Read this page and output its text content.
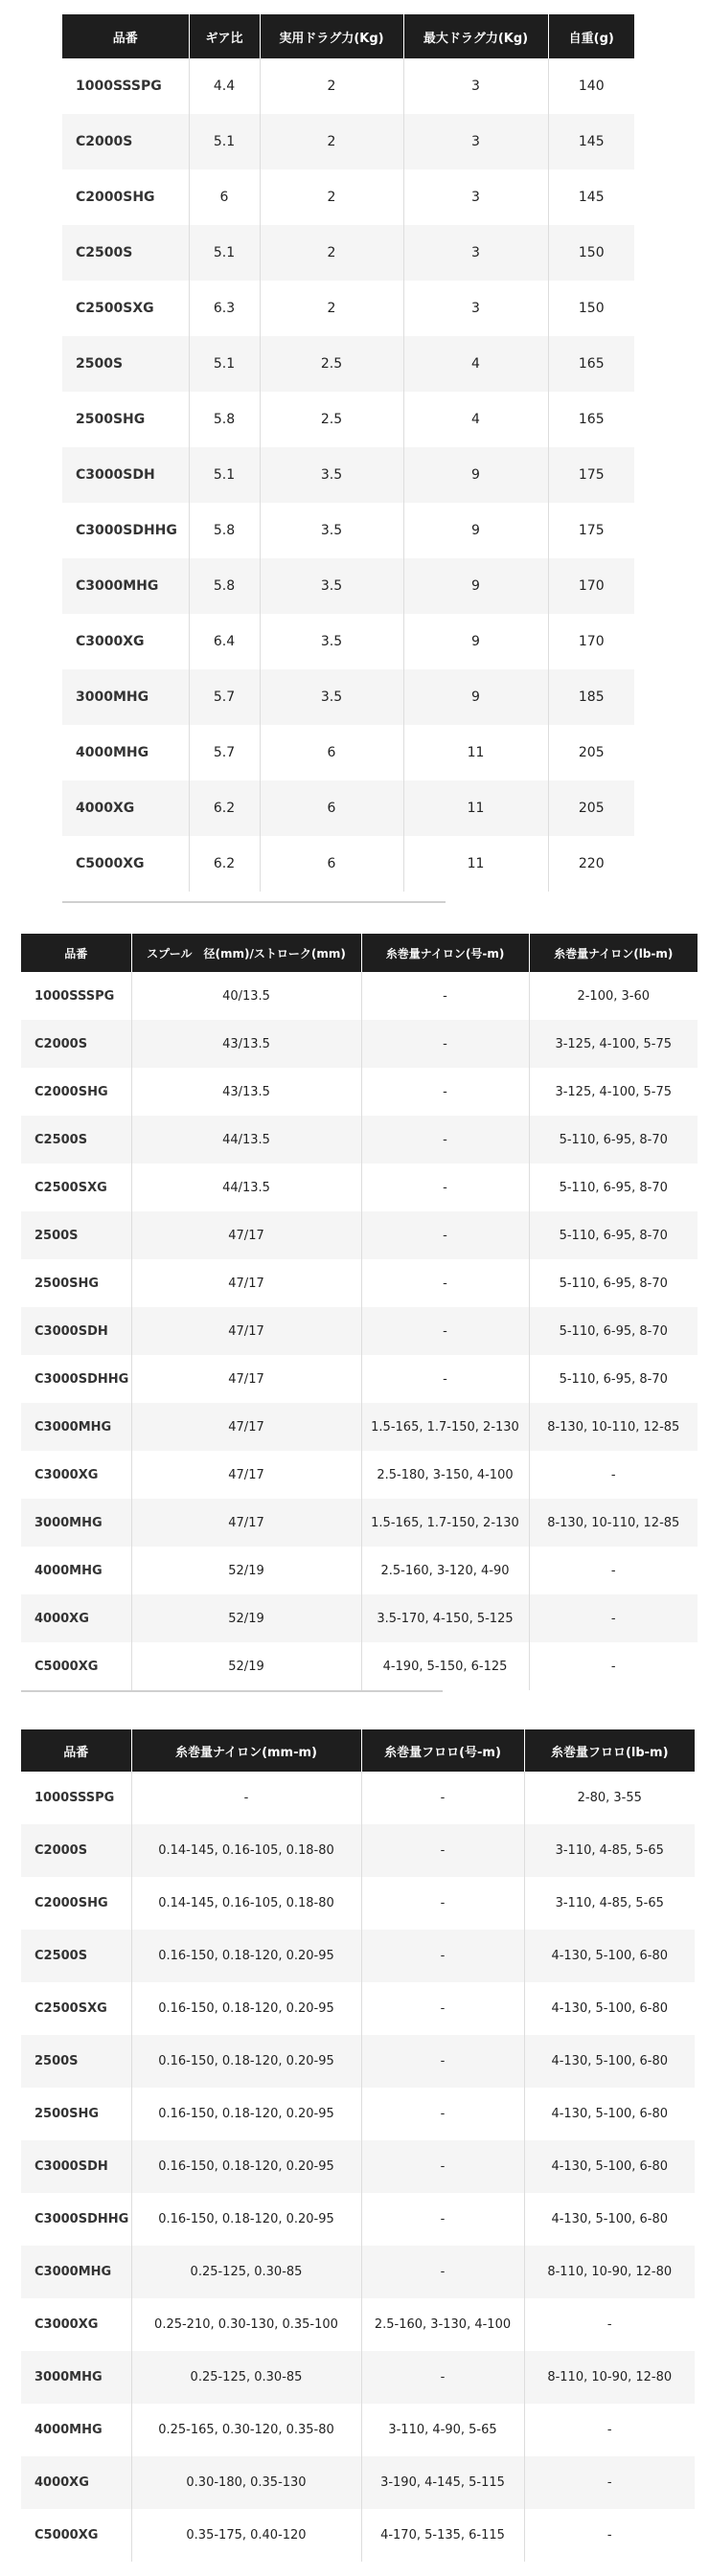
品番	ギア比	実用ドラグ力(Kg)	最大ドラグ力(Kg)	自重(g)
1000SSSPG	4.4	2	3	140
C2000S	5.1	2	3	145
C2000SHG	6	2	3	145
C2500S	5.1	2	3	150
C2500SXG	6.3	2	3	150
2500S	5.1	2.5	4	165
2500SHG	5.8	2.5	4	165
C3000SDH	5.1	3.5	9	175
C3000SDHHG	5.8	3.5	9	175
C3000MHG	5.8	3.5	9	170
C3000XG	6.4	3.5	9	170
3000MHG	5.7	3.5	9	185
4000MHG	5.7	6	11	205
4000XG	6.2	6	11	205
C5000XG	6.2	6	11	220
品番	スプール　径(mm)/ストローク(mm)	糸巻量ナイロン(号-m)	糸巻量ナイロン(lb-m)
1000SSSPG	40/13.5	-	2-100, 3-60
C2000S	43/13.5	-	3-125, 4-100, 5-75
C2000SHG	43/13.5	-	3-125, 4-100, 5-75
C2500S	44/13.5	-	5-110, 6-95, 8-70
C2500SXG	44/13.5	-	5-110, 6-95, 8-70
2500S	47/17	-	5-110, 6-95, 8-70
2500SHG	47/17	-	5-110, 6-95, 8-70
C3000SDH	47/17	-	5-110, 6-95, 8-70
C3000SDHHG	47/17	-	5-110, 6-95, 8-70
C3000MHG	47/17	1.5-165, 1.7-150, 2-130	8-130, 10-110, 12-85
C3000XG	47/17	2.5-180, 3-150, 4-100	-
3000MHG	47/17	1.5-165, 1.7-150, 2-130	8-130, 10-110, 12-85
4000MHG	52/19	2.5-160, 3-120, 4-90	-
4000XG	52/19	3.5-170, 4-150, 5-125	-
C5000XG	52/19	4-190, 5-150, 6-125	-
品番	糸巻量ナイロン(mm-m)	糸巻量フロロ(号-m)	糸巻量フロロ(lb-m)
1000SSSPG	-	-	2-80, 3-55
C2000S	0.14-145, 0.16-105, 0.18-80	-	3-110, 4-85, 5-65
C2000SHG	0.14-145, 0.16-105, 0.18-80	-	3-110, 4-85, 5-65
C2500S	0.16-150, 0.18-120, 0.20-95	-	4-130, 5-100, 6-80
C2500SXG	0.16-150, 0.18-120, 0.20-95	-	4-130, 5-100, 6-80
2500S	0.16-150, 0.18-120, 0.20-95	-	4-130, 5-100, 6-80
2500SHG	0.16-150, 0.18-120, 0.20-95	-	4-130, 5-100, 6-80
C3000SDH	0.16-150, 0.18-120, 0.20-95	-	4-130, 5-100, 6-80
C3000SDHHG	0.16-150, 0.18-120, 0.20-95	-	4-130, 5-100, 6-80
C3000MHG	0.25-125, 0.30-85	-	8-110, 10-90, 12-80
C3000XG	0.25-210, 0.30-130, 0.35-100	2.5-160, 3-130, 4-100	-
3000MHG	0.25-125, 0.30-85	-	8-110, 10-90, 12-80
4000MHG	0.25-165, 0.30-120, 0.35-80	3-110, 4-90, 5-65	-
4000XG	0.30-180, 0.35-130	3-190, 4-145, 5-115	-
C5000XG	0.35-175, 0.40-120	4-170, 5-135, 6-115	-
